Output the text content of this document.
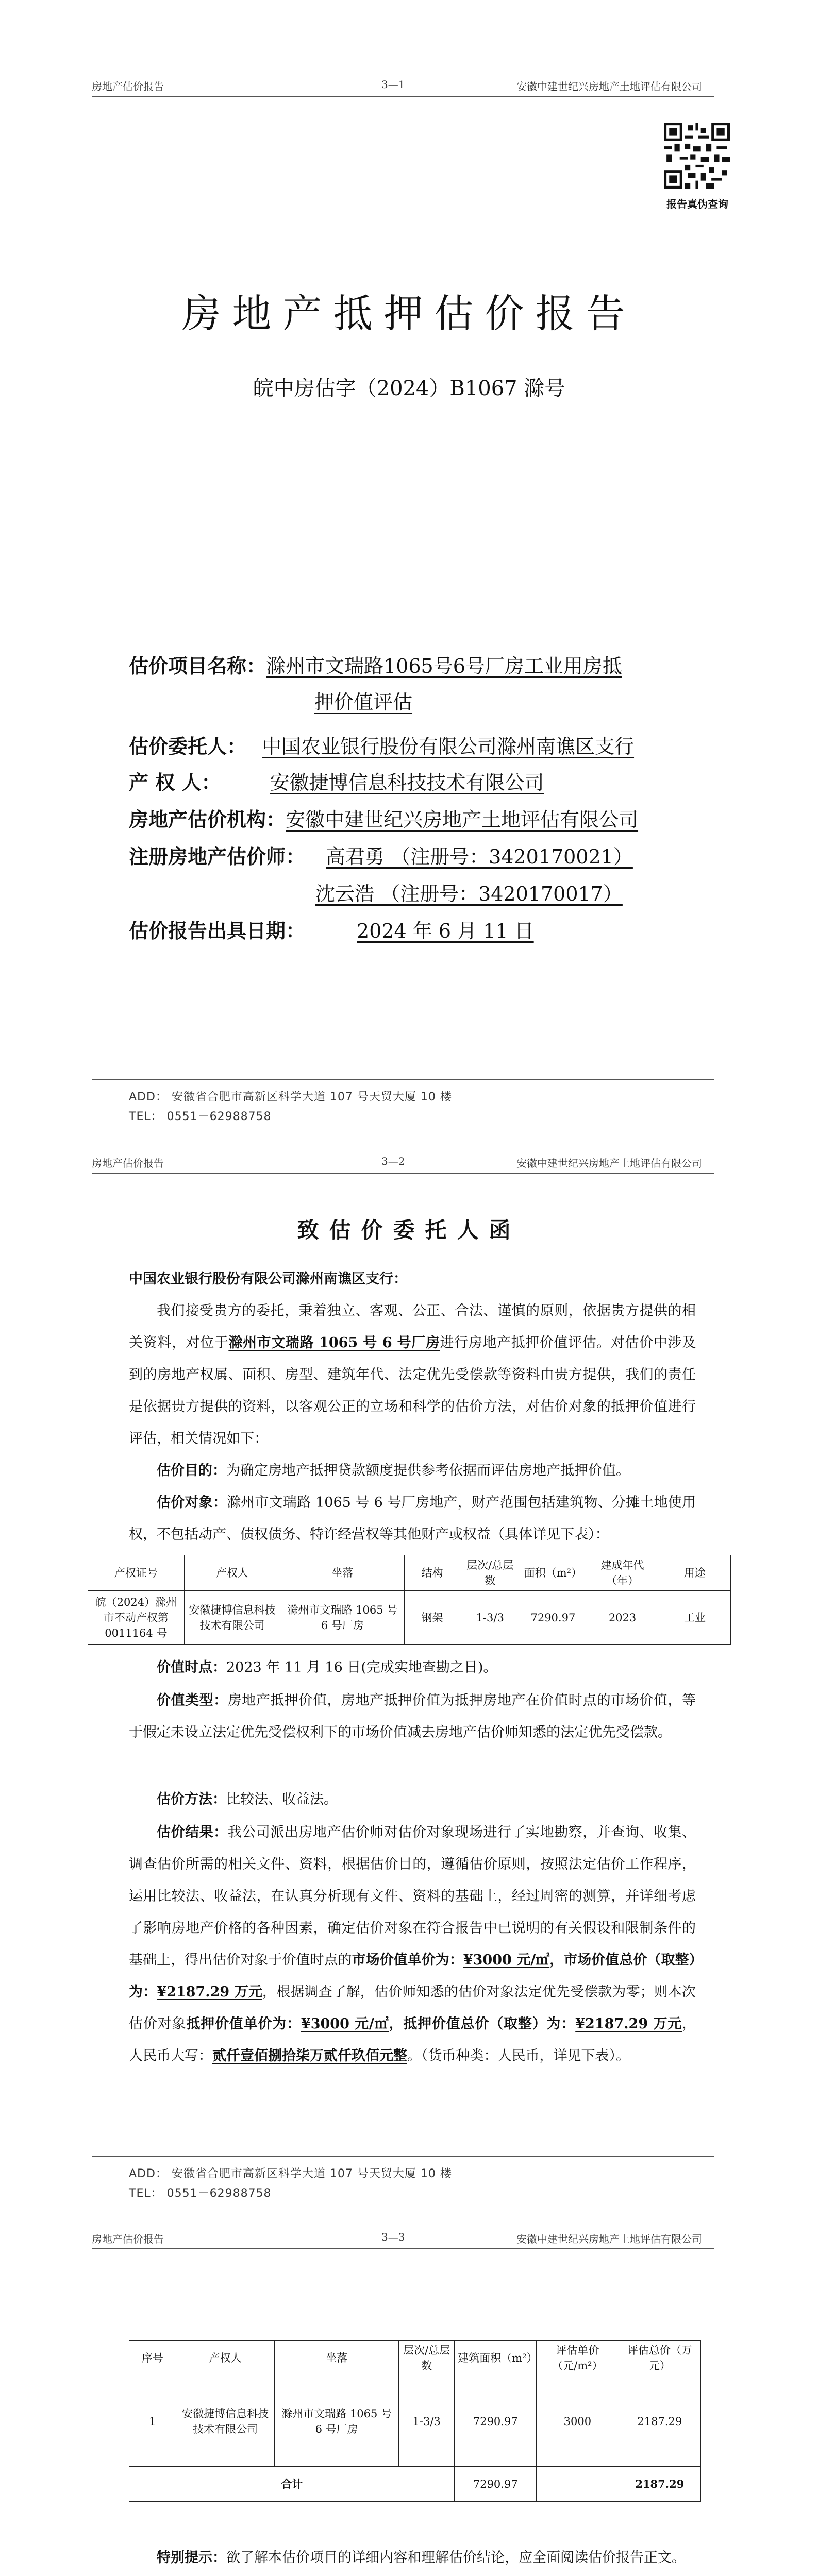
房地产估价报告	3—1	安徽中建世纪兴房地产土地评估有限公司
报告真伪查询
房地产抵押估价报告
皖中房估字（2024）B1067 滁号
估价项目名称：滁州市文瑞路1065号6号厂房工业用房抵
押价值评估
估价委托人： 中国农业银行股份有限公司滁州南谯区支行
产 权 人：	安徽捷博信息科技技术有限公司
房地产估价机构：安徽中建世纪兴房地产土地评估有限公司
注册房地产估价师： 高君勇 （注册号：3420170021）
沈云浩 （注册号：3420170017）
估价报告出具日期：	2024 年 6 月 11 日
ADD： 安徽省合肥市高新区科学大道 107 号天贸大厦 10 楼
TEL： 0551－62988758
房地产估价报告	3—2	安徽中建世纪兴房地产土地评估有限公司
致估价委托人函
中国农业银行股份有限公司滁州南谯区支行：
我们接受贵方的委托，秉着独立、客观、公正、合法、谨慎的原则，依据贵方提供的相关资料，对位于滁州市文瑞路 1065 号 6 号厂房进行房地产抵押价值评估。对估价中涉及到的房地产权属、面积、房型、建筑年代、法定优先受偿款等资料由贵方提供，我们的责任是依据贵方提供的资料，以客观公正的立场和科学的估价方法，对估价对象的抵押价值进行评估，相关情况如下：
估价目的：为确定房地产抵押贷款额度提供参考依据而评估房地产抵押价值。
估价对象：滁州市文瑞路 1065 号 6 号厂房地产，财产范围包括建筑物、分摊土地使用权，不包括动产、债权债务、特许经营权等其他财产或权益（具体详见下表）：
产权证号	产权人	坐落	结构	层次/总层数	面积（m²）	建成年代（年）	用途
皖（2024）滁州市不动产权第 0011164 号	安徽捷博信息科技技术有限公司	滁州市文瑞路 1065 号 6 号厂房	钢架	1-3/3	7290.97	2023	工业
价值时点：2023 年 11 月 16 日(完成实地查勘之日)。
价值类型：房地产抵押价值，房地产抵押价值为抵押房地产在价值时点的市场价值，等于假定未设立法定优先受偿权利下的市场价值减去房地产估价师知悉的法定优先受偿款。
估价方法：比较法、收益法。
估价结果：我公司派出房地产估价师对估价对象现场进行了实地勘察，并查询、收集、调查估价所需的相关文件、资料，根据估价目的，遵循估价原则，按照法定估价工作程序，运用比较法、收益法，在认真分析现有文件、资料的基础上，经过周密的测算，并详细考虑了影响房地产价格的各种因素，确定估价对象在符合报告中已说明的有关假设和限制条件的基础上，得出估价对象于价值时点的市场价值单价为：¥3000 元/㎡，市场价值总价（取整）为：¥2187.29 万元，根据调查了解，估价师知悉的估价对象法定优先受偿款为零；则本次估价对象抵押价值单价为：¥3000 元/㎡，抵押价值总价（取整）为：¥2187.29 万元，人民币大写：贰仟壹佰捌拾柒万贰仟玖佰元整。（货币种类：人民币，详见下表）。
ADD： 安徽省合肥市高新区科学大道 107 号天贸大厦 10 楼
TEL： 0551－62988758
房地产估价报告	3—3	安徽中建世纪兴房地产土地评估有限公司
序号	产权人	坐落	层次/总层数	建筑面积（m²）	评估单价（元/m²）	评估总价（万元）
1	安徽捷博信息科技技术有限公司	滁州市文瑞路 1065 号 6 号厂房	1-3/3	7290.97	3000	2187.29
合计				7290.97		2187.29
特别提示：欲了解本估价项目的详细内容和理解估价结论，应全面阅读估价报告正文。
